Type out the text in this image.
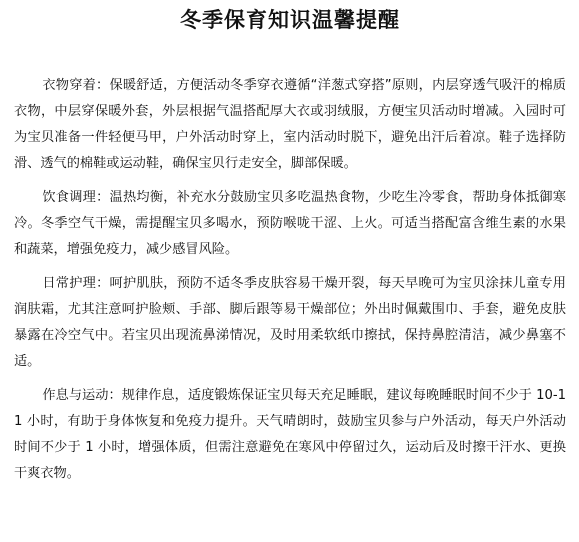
冬季保育知识温馨提醒

衣物穿着：保暖舒适，方便活动冬季穿衣遵循“洋葱式穿搭”原则，内层穿透气吸汗的棉质衣物，中层穿保暖外套，外层根据气温搭配厚大衣或羽绒服，方便宝贝活动时增减。入园时可为宝贝准备一件轻便马甲，户外活动时穿上，室内活动时脱下，避免出汗后着凉。鞋子选择防滑、透气的棉鞋或运动鞋，确保宝贝行走安全，脚部保暖。

饮食调理：温热均衡，补充水分鼓励宝贝多吃温热食物，少吃生冷零食，帮助身体抵御寒冷。冬季空气干燥，需提醒宝贝多喝水，预防喉咙干涩、上火。可适当搭配富含维生素的水果和蔬菜，增强免疫力，减少感冒风险。

日常护理：呵护肌肤，预防不适冬季皮肤容易干燥开裂，每天早晚可为宝贝涂抹儿童专用润肤霜，尤其注意呵护脸颊、手部、脚后跟等易干燥部位；外出时佩戴围巾、手套，避免皮肤暴露在冷空气中。若宝贝出现流鼻涕情况，及时用柔软纸巾擦拭，保持鼻腔清洁，减少鼻塞不适。

作息与运动：规律作息，适度锻炼保证宝贝每天充足睡眠，建议每晚睡眠时间不少于 10-11 小时，有助于身体恢复和免疫力提升。天气晴朗时，鼓励宝贝参与户外活动，每天户外活动时间不少于 1 小时，增强体质，但需注意避免在寒风中停留过久，运动后及时擦干汗水、更换干爽衣物。
